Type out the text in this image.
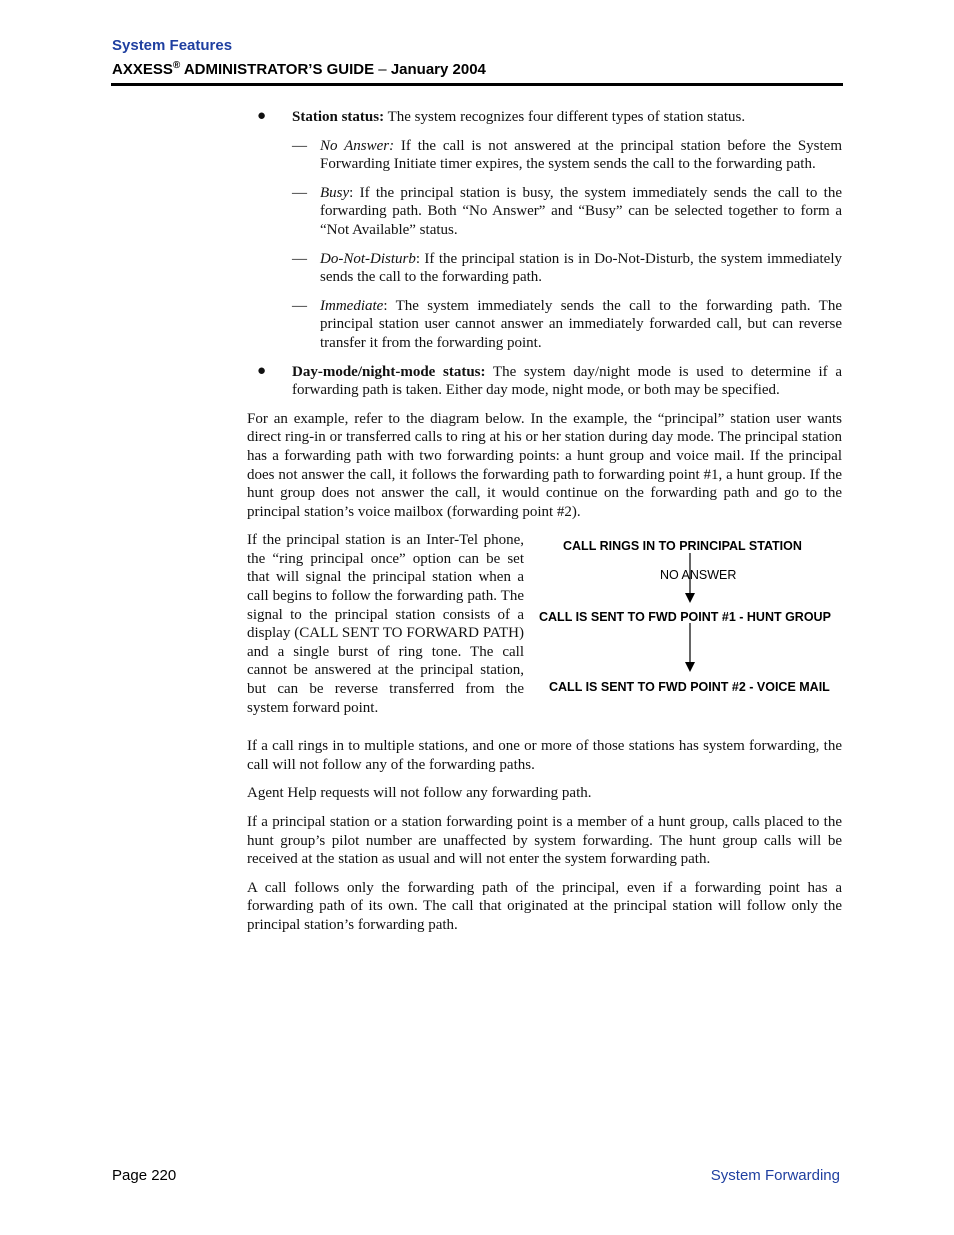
System Features
AXXESS® ADMINISTRATOR’S GUIDE – January 2004
● Station status: The system recognizes four different types of station status.
— No Answer: If the call is not answered at the principal station before the System Forwarding Initiate timer expires, the system sends the call to the forwarding path.
— Busy: If the principal station is busy, the system immediately sends the call to the forwarding path. Both “No Answer” and “Busy” can be selected together to form a “Not Available” status.
— Do-Not-Disturb: If the principal station is in Do-Not-Disturb, the system immediately sends the call to the forwarding path.
— Immediate: The system immediately sends the call to the forwarding path. The principal station user cannot answer an immediately forwarded call, but can reverse transfer it from the forwarding point.
● Day-mode/night-mode status: The system day/night mode is used to determine if a forwarding path is taken. Either day mode, night mode, or both may be specified.

For an example, refer to the diagram below. In the example, the “principal” station user wants direct ring-in or transferred calls to ring at his or her station during day mode. The principal station has a forwarding path with two forwarding points: a hunt group and voice mail. If the principal does not answer the call, it follows the forwarding path to forwarding point #1, a hunt group. If the hunt group does not answer the call, it would continue on the forwarding path and go to the principal station’s voice mailbox (forwarding point #2).

If the principal station is an Inter-Tel phone, the “ring principal once” option can be set that will signal the principal station when a call begins to follow the forwarding path. The signal to the principal station consists of a display (CALL SENT TO FORWARD PATH) and a single burst of ring tone. The call cannot be answered at the principal station, but can be reverse transferred from the system forward point.
CALL RINGS IN TO PRINCIPAL STATION
NO ANSWER
CALL IS SENT TO FWD POINT #1 - HUNT GROUP
CALL IS SENT TO FWD POINT #2 - VOICE MAIL

If a call rings in to multiple stations, and one or more of those stations has system forwarding, the call will not follow any of the forwarding paths.

Agent Help requests will not follow any forwarding path.

If a principal station or a station forwarding point is a member of a hunt group, calls placed to the hunt group’s pilot number are unaffected by system forwarding. The hunt group calls will be received at the station as usual and will not enter the system forwarding path.

A call follows only the forwarding path of the principal, even if a forwarding point has a forwarding path of its own. The call that originated at the principal station will follow only the principal station’s forwarding path.

Page 220	System Forwarding
